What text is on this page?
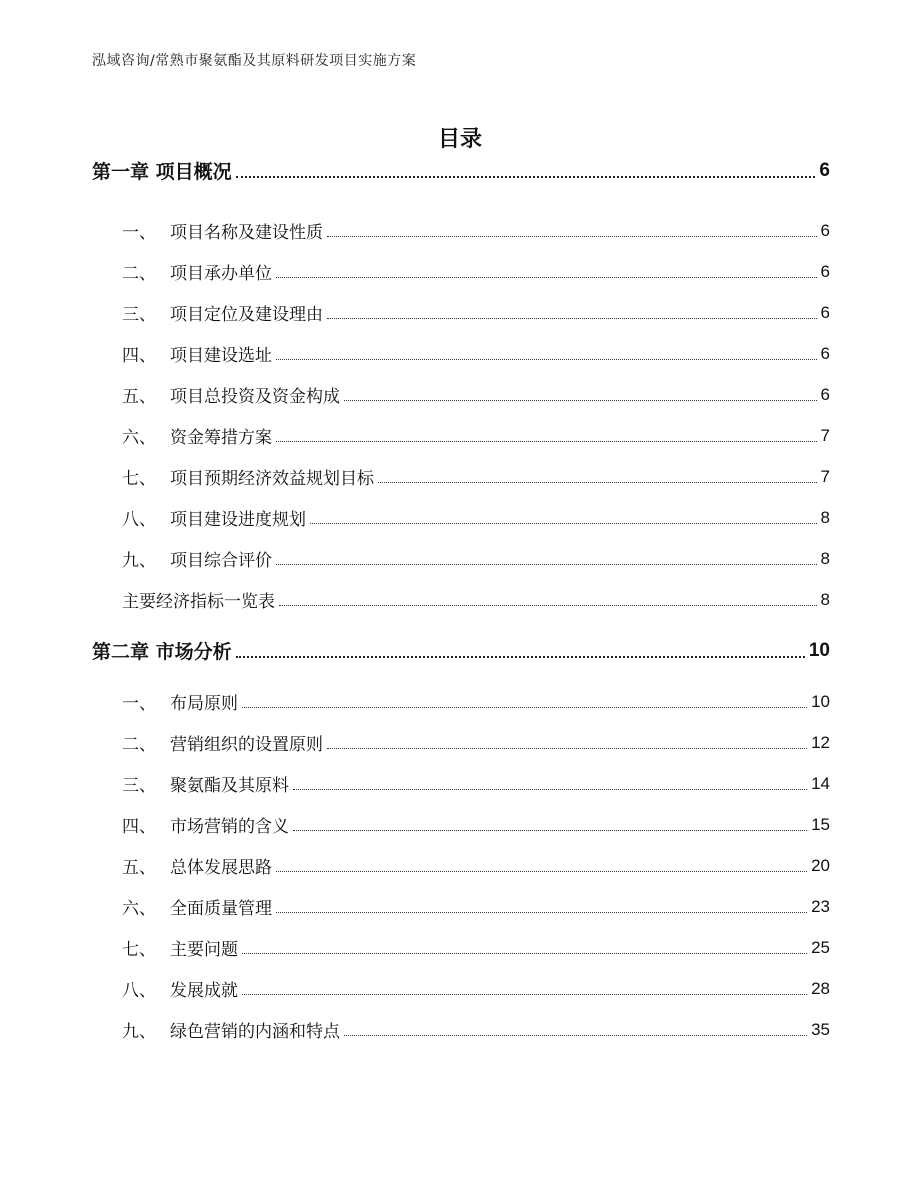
泓域咨询/常熟市聚氨酯及其原料研发项目实施方案
目录
第一章 项目概况	6
一、 项目名称及建设性质	6
二、 项目承办单位	6
三、 项目定位及建设理由	6
四、 项目建设选址	6
五、 项目总投资及资金构成	6
六、 资金筹措方案	7
七、 项目预期经济效益规划目标	7
八、 项目建设进度规划	8
九、 项目综合评价	8
主要经济指标一览表	8
第二章 市场分析	10
一、 布局原则	10
二、 营销组织的设置原则	12
三、 聚氨酯及其原料	14
四、 市场营销的含义	15
五、 总体发展思路	20
六、 全面质量管理	23
七、 主要问题	25
八、 发展成就	28
九、 绿色营销的内涵和特点	35
